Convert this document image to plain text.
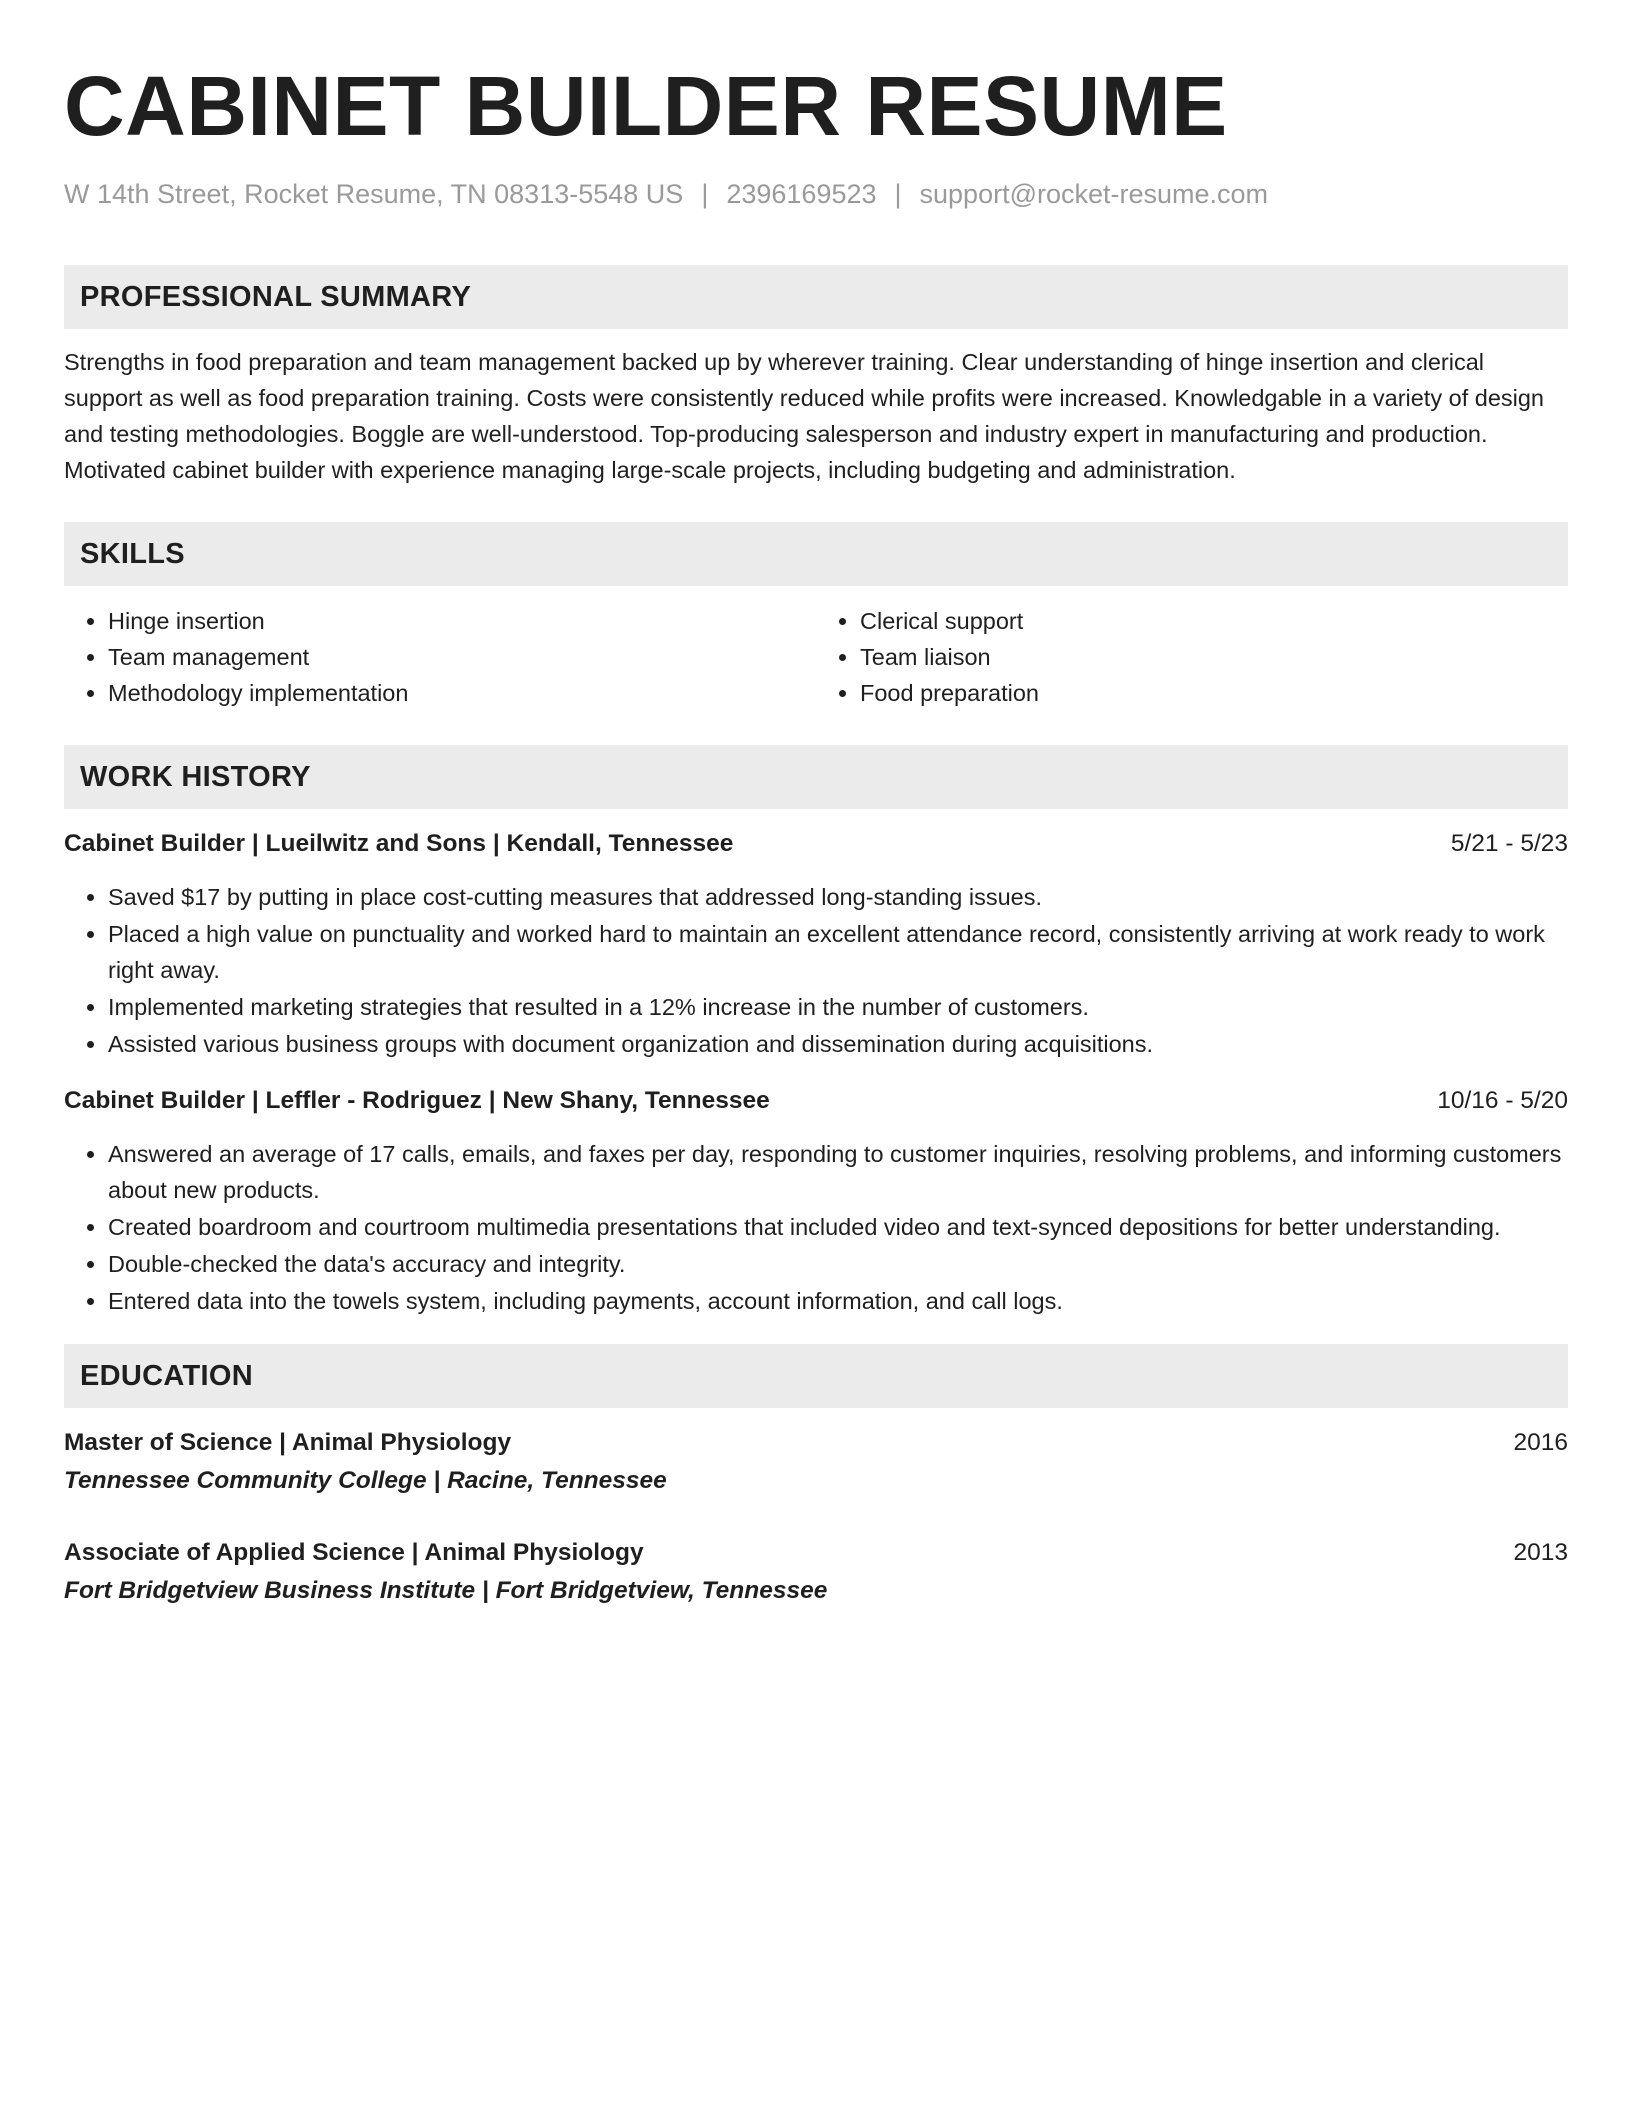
CABINET BUILDER RESUME
W 14th Street, Rocket Resume, TN 08313-5548 US | 2396169523 | support@rocket-resume.com
PROFESSIONAL SUMMARY

Strengths in food preparation and team management backed up by wherever training. Clear understanding of hinge insertion and clerical support as well as food preparation training. Costs were consistently reduced while profits were increased. Knowledgable in a variety of design and testing methodologies. Boggle are well-understood. Top-producing salesperson and industry expert in manufacturing and production. Motivated cabinet builder with experience managing large-scale projects, including budgeting and administration.

SKILLS
• Hinge insertion
• Team management
• Methodology implementation
• Clerical support
• Team liaison
• Food preparation
WORK HISTORY
Cabinet Builder | Lueilwitz and Sons | Kendall, Tennessee	5/21 - 5/23
• Saved $17 by putting in place cost-cutting measures that addressed long-standing issues.
• Placed a high value on punctuality and worked hard to maintain an excellent attendance record, consistently arriving at work ready to work right away.
• Implemented marketing strategies that resulted in a 12% increase in the number of customers.
• Assisted various business groups with document organization and dissemination during acquisitions.
Cabinet Builder | Leffler - Rodriguez | New Shany, Tennessee	10/16 - 5/20
• Answered an average of 17 calls, emails, and faxes per day, responding to customer inquiries, resolving problems, and informing customers about new products.
• Created boardroom and courtroom multimedia presentations that included video and text-synced depositions for better understanding.
• Double-checked the data's accuracy and integrity.
• Entered data into the towels system, including payments, account information, and call logs.
EDUCATION
Master of Science | Animal Physiology	2016
Tennessee Community College | Racine, Tennessee
Associate of Applied Science | Animal Physiology	2013
Fort Bridgetview Business Institute | Fort Bridgetview, Tennessee
